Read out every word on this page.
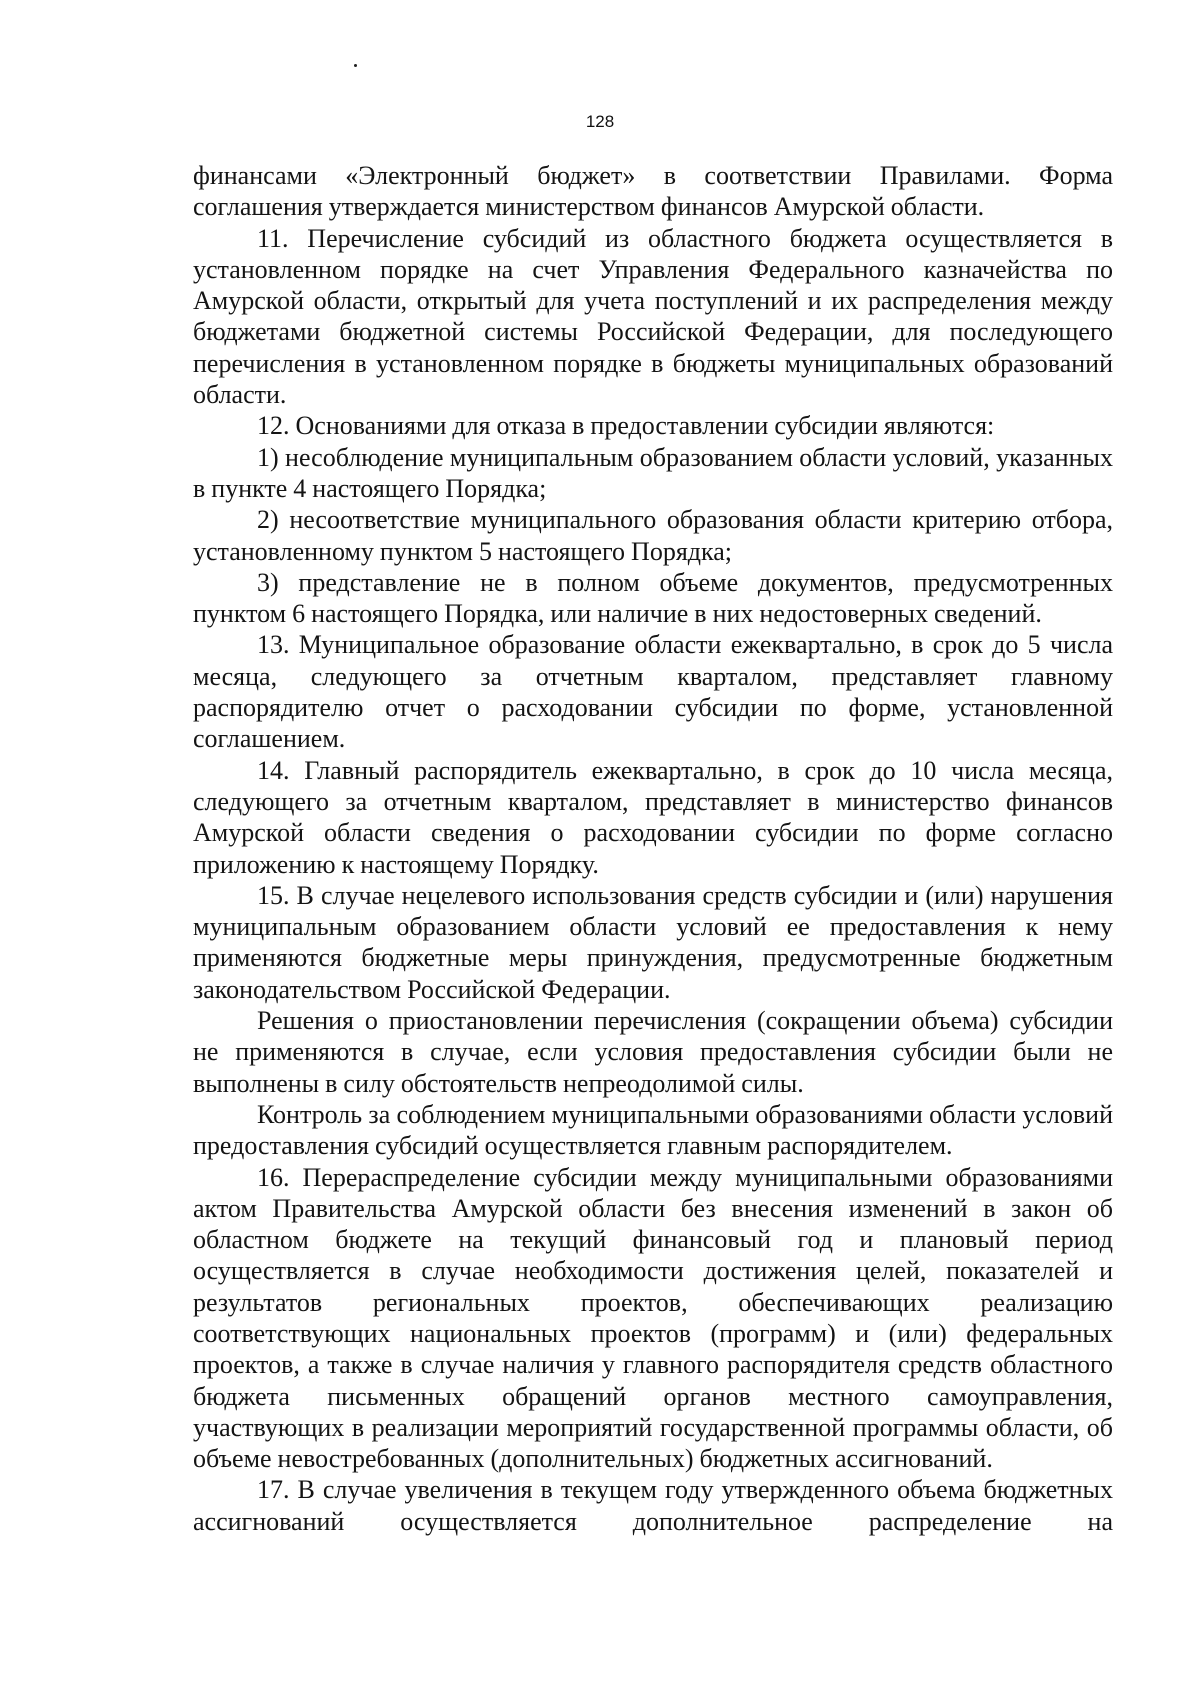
128

финансами «Электронный бюджет» в соответствии Правилами. Форма соглашения утверждается министерством финансов Амурской области.

11. Перечисление субсидий из областного бюджета осуществляется в установленном порядке на счет Управления Федерального казначейства по Амурской области, открытый для учета поступлений и их распределения между бюджетами бюджетной системы Российской Федерации, для последующего перечисления в установленном порядке в бюджеты муниципальных образований области.

12. Основаниями для отказа в предоставлении субсидии являются:

1) несоблюдение муниципальным образованием области условий, указанных в пункте 4 настоящего Порядка;

2) несоответствие муниципального образования области критерию отбора, установленному пунктом 5 настоящего Порядка;

3) представление не в полном объеме документов, предусмотренных пунктом 6 настоящего Порядка, или наличие в них недостоверных сведений.

13. Муниципальное образование области ежеквартально, в срок до 5 числа месяца, следующего за отчетным кварталом, представляет главному распорядителю отчет о расходовании субсидии по форме, установленной соглашением.

14. Главный распорядитель ежеквартально, в срок до 10 числа месяца, следующего за отчетным кварталом, представляет в министерство финансов Амурской области сведения о расходовании субсидии по форме согласно приложению к настоящему Порядку.

15. В случае нецелевого использования средств субсидии и (или) нарушения муниципальным образованием области условий ее предоставления к нему применяются бюджетные меры принуждения, предусмотренные бюджетным законодательством Российской Федерации.

Решения о приостановлении перечисления (сокращении объема) субсидии не применяются в случае, если условия предоставления субсидии были не выполнены в силу обстоятельств непреодолимой силы.

Контроль за соблюдением муниципальными образованиями области условий предоставления субсидий осуществляется главным распорядителем.

16. Перераспределение субсидии между муниципальными образованиями актом Правительства Амурской области без внесения изменений в закон об областном бюджете на текущий финансовый год и плановый период осуществляется в случае необходимости достижения целей, показателей и результатов региональных проектов, обеспечивающих реализацию соответствующих национальных проектов (программ) и (или) федеральных проектов, а также в случае наличия у главного распорядителя средств областного бюджета письменных обращений органов местного самоуправления, участвующих в реализации мероприятий государственной программы области, об объеме невостребованных (дополнительных) бюджетных ассигнований.

17. В случае увеличения в текущем году утвержденного объема бюджетных ассигнований осуществляется дополнительное распределение на
